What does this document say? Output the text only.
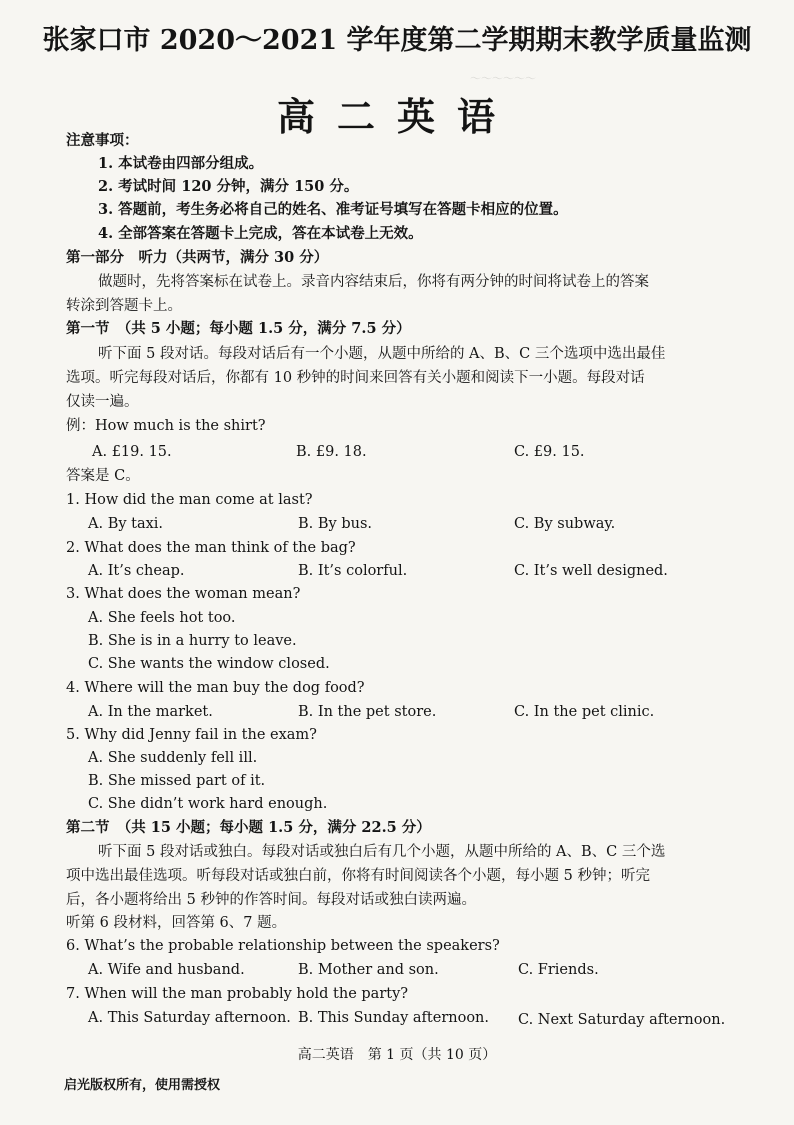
张家口市 2020～2021 学年度第二学期期末教学质量监测
高二英语
～～～～～～
注意事项：
1. 本试卷由四部分组成。
2. 考试时间 120 分钟，满分 150 分。
3. 答题前，考生务必将自己的姓名、准考证号填写在答题卡相应的位置。
4. 全部答案在答题卡上完成，答在本试卷上无效。
第一部分　听力（共两节，满分 30 分）
做题时，先将答案标在试卷上。录音内容结束后，你将有两分钟的时间将试卷上的答案
转涂到答题卡上。
第一节　（共 5 小题；每小题 1.5 分，满分 7.5 分）
听下面 5 段对话。每段对话后有一个小题，从题中所给的 A、B、C 三个选项中选出最佳
选项。听完每段对话后，你都有 10 秒钟的时间来回答有关小题和阅读下一小题。每段对话
仅读一遍。
例：How much is the shirt?
A. £19. 15.	B. £9. 18.	C. £9. 15.
答案是 C。
1. How did the man come at last?
A. By taxi.	B. By bus.	C. By subway.
2. What does the man think of the bag?
A. It’s cheap.	B. It’s colorful.	C. It’s well designed.
3. What does the woman mean?
A. She feels hot too.
B. She is in a hurry to leave.
C. She wants the window closed.
4. Where will the man buy the dog food?
A. In the market.	B. In the pet store.	C. In the pet clinic.
5. Why did Jenny fail in the exam?
A. She suddenly fell ill.
B. She missed part of it.
C. She didn’t work hard enough.
第二节　（共 15 小题；每小题 1.5 分，满分 22.5 分）
听下面 5 段对话或独白。每段对话或独白后有几个小题，从题中所给的 A、B、C 三个选
项中选出最佳选项。听每段对话或独白前，你将有时间阅读各个小题，每小题 5 秒钟；听完
后，各小题将给出 5 秒钟的作答时间。每段对话或独白读两遍。
听第 6 段材料，回答第 6、7 题。
6. What’s the probable relationship between the speakers?
A. Wife and husband.	B. Mother and son.	C. Friends.
7. When will the man probably hold the party?
A. This Saturday afternoon. B. This Sunday afternoon. C. Next Saturday afternoon.
高二英语　第 1 页（共 10 页）
启光版权所有，使用需授权
